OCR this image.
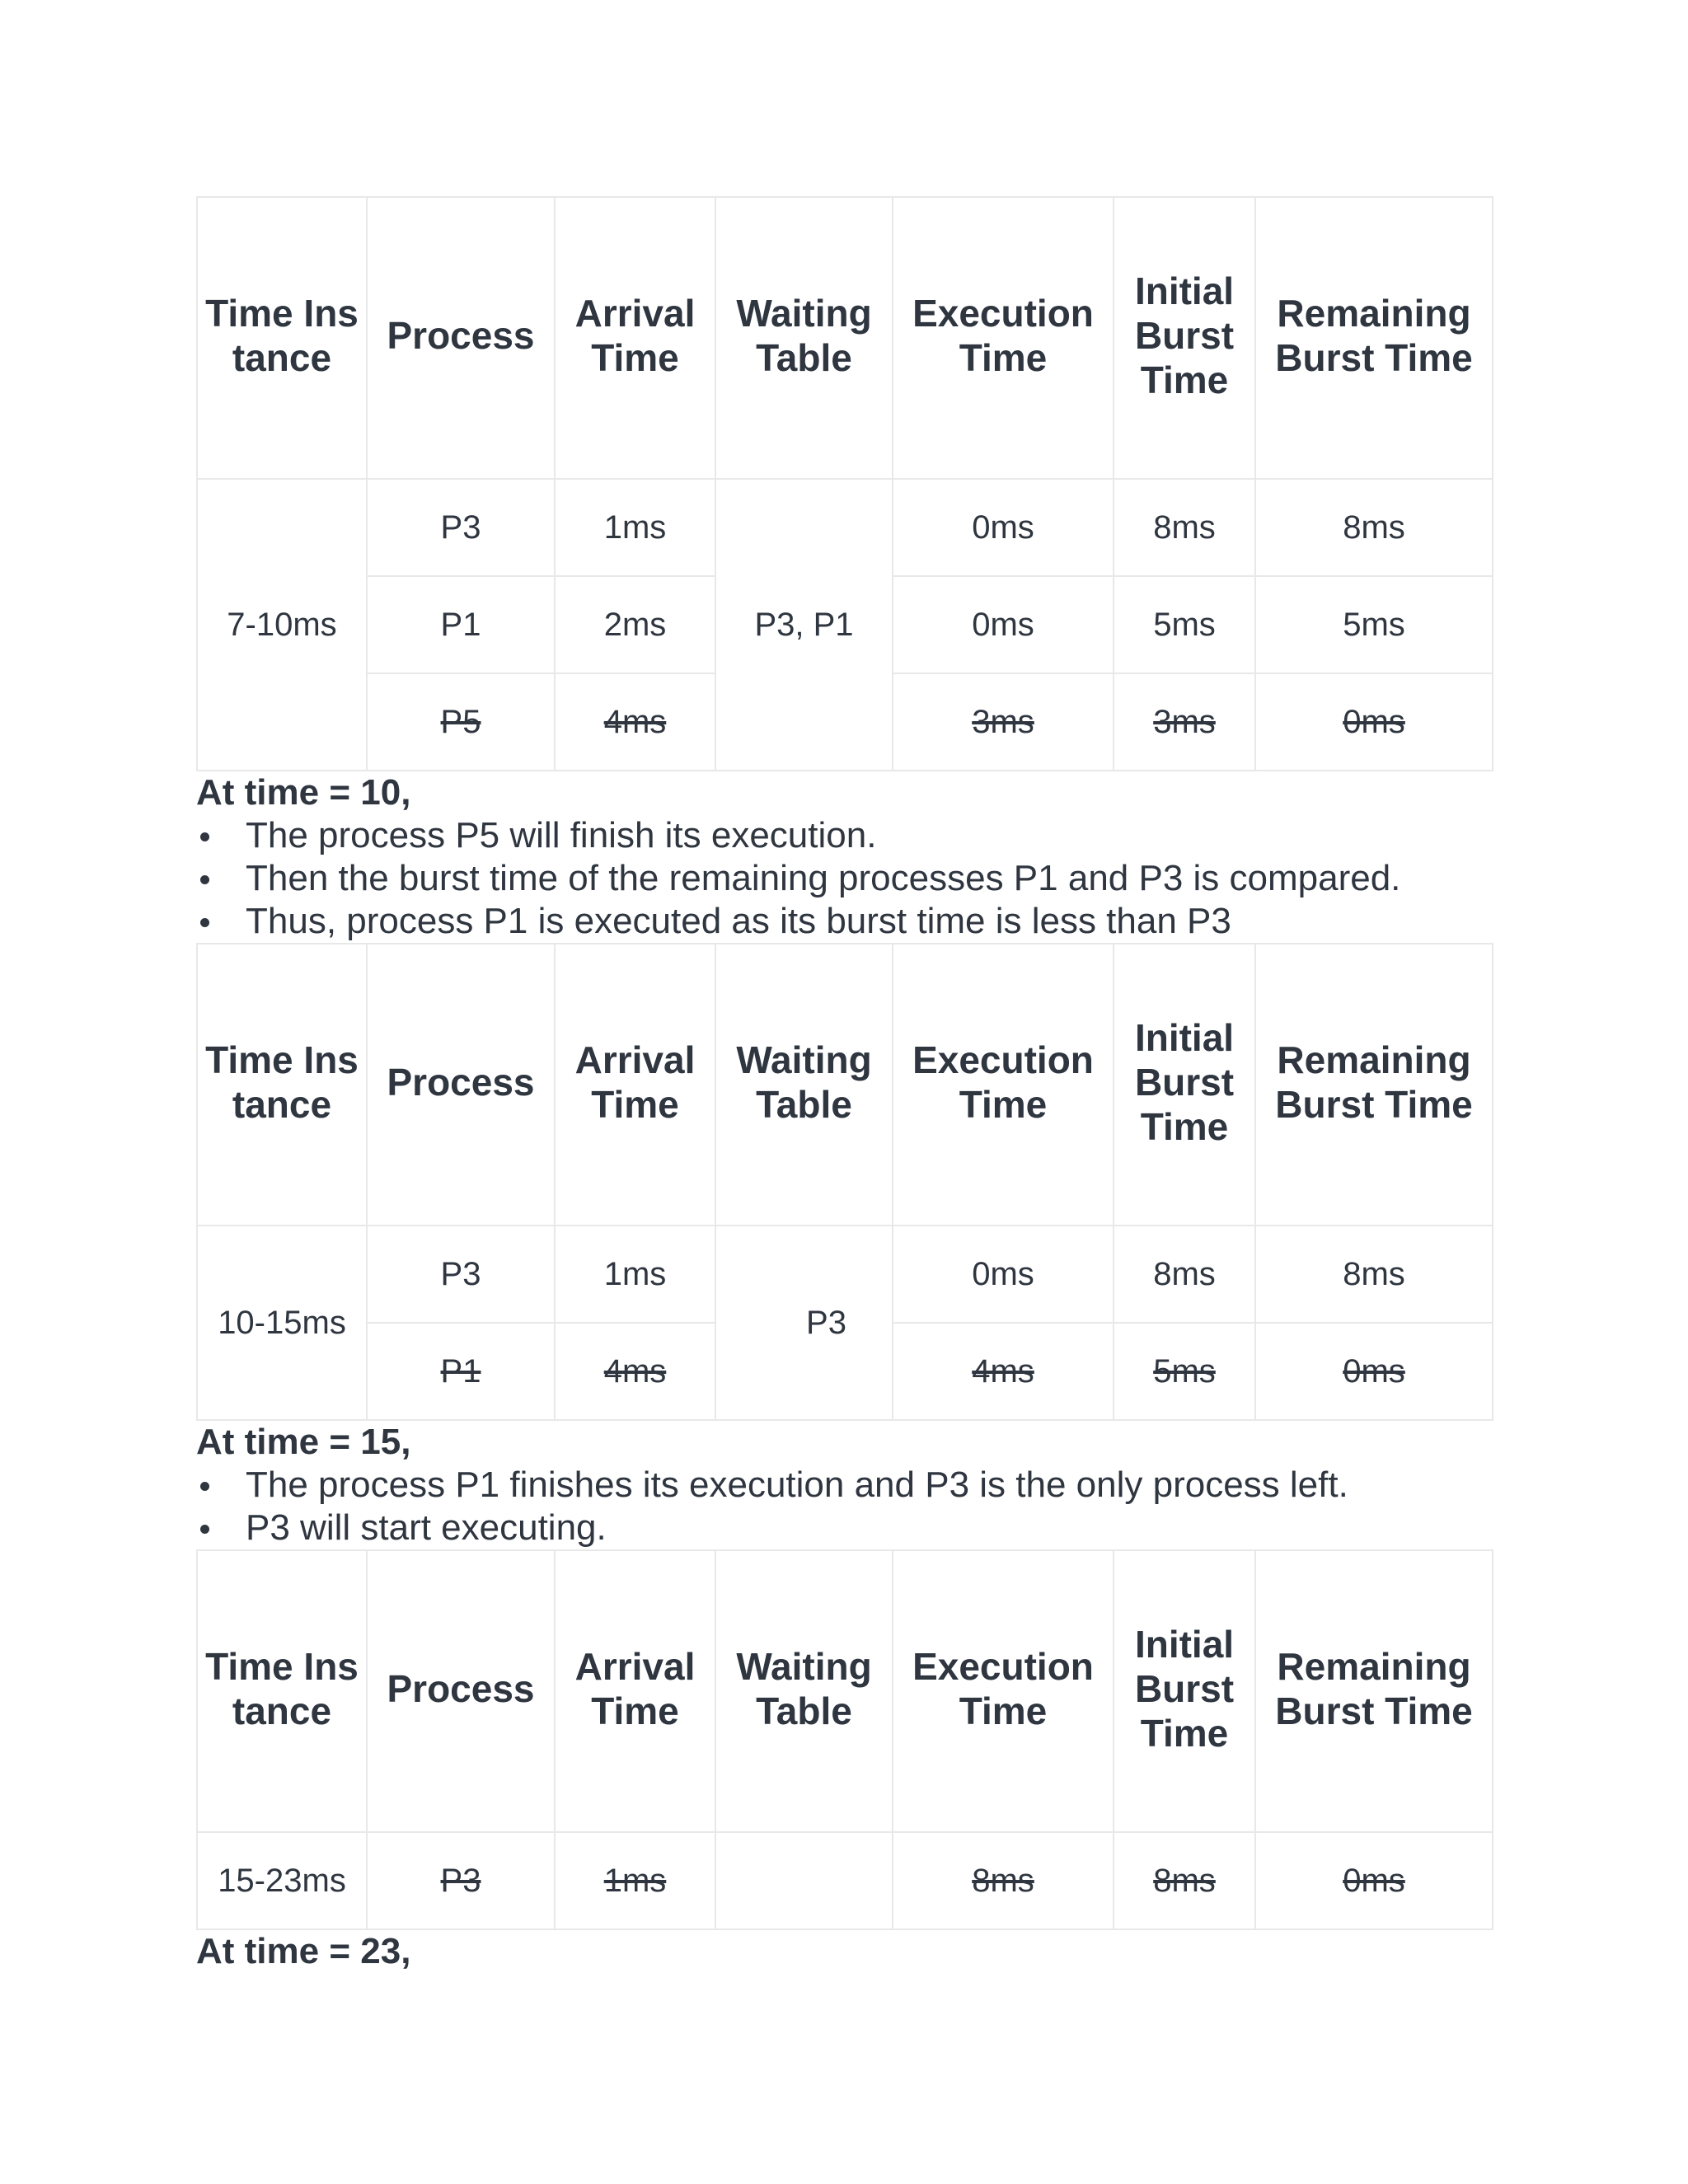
Time Instance	Process	Arrival Time	Waiting Table	Execution Time	Initial Burst Time	Remaining Burst Time
7-10ms	P3	1ms	P3, P1	0ms	8ms	8ms
	P1	2ms		0ms	5ms	5ms
	P5	4ms		3ms	3ms	0ms

At time = 10,

The process P5 will finish its execution.
Then the burst time of the remaining processes P1 and P3 is compared.
Thus, process P1 is executed as its burst time is less than P3
Time Instance	Process	Arrival Time	Waiting Table	Execution Time	Initial Burst Time	Remaining Burst Time
10-15ms	P3	1ms	P3	0ms	8ms	8ms
	P1	4ms		4ms	5ms	0ms

At time = 15,

The process P1 finishes its execution and P3 is the only process left.
P3 will start executing.
Time Instance	Process	Arrival Time	Waiting Table	Execution Time	Initial Burst Time	Remaining Burst Time
15-23ms	P3	1ms		8ms	8ms	0ms

At time = 23,
